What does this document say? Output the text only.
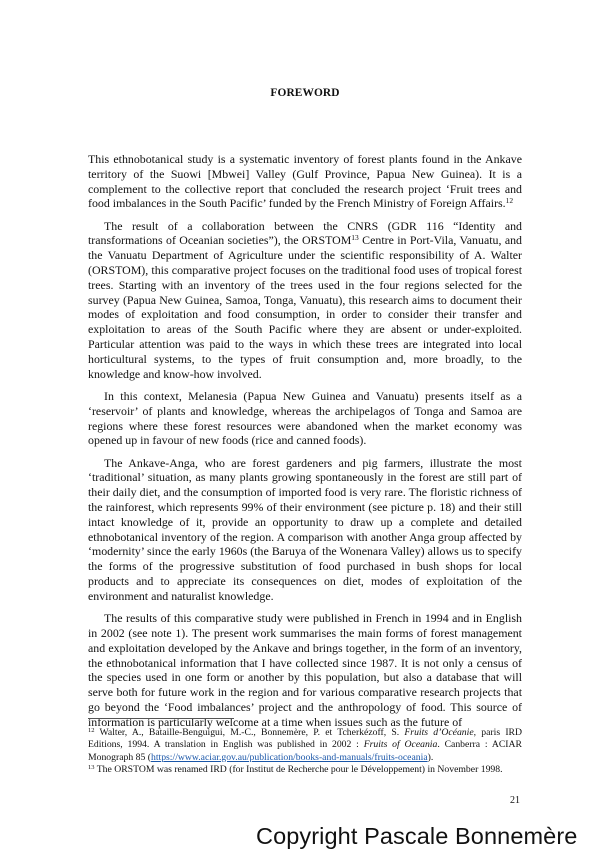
FOREWORD

This ethnobotanical study is a systematic inventory of forest plants found in the Ankave territory of the Suowi [Mbwei] Valley (Gulf Province, Papua New Guinea). It is a complement to the collective report that concluded the research project ‘Fruit trees and food imbalances in the South Pacific’ funded by the French Ministry of Foreign Affairs.$^{12}$

The result of a collaboration between the CNRS (GDR 116 “Identity and transformations of Oceanian societies”), the ORSTOM$^{13}$ Centre in Port-Vila, Vanuatu, and the Vanuatu Department of Agriculture under the scientific responsibility of A. Walter (ORSTOM), this comparative project focuses on the traditional food uses of tropical forest trees. Starting with an inventory of the trees used in the four regions selected for the survey (Papua New Guinea, Samoa, Tonga, Vanuatu), this research aims to document their modes of exploitation and food consumption, in order to consider their transfer and exploitation to areas of the South Pacific where they are absent or under-exploited. Particular attention was paid to the ways in which these trees are integrated into local horticultural systems, to the types of fruit consumption and, more broadly, to the knowledge and know-how involved.

In this context, Melanesia (Papua New Guinea and Vanuatu) presents itself as a ‘reservoir’ of plants and knowledge, whereas the archipelagos of Tonga and Samoa are regions where these forest resources were abandoned when the market economy was opened up in favour of new foods (rice and canned foods).

The Ankave-Anga, who are forest gardeners and pig farmers, illustrate the most ‘traditional’ situation, as many plants growing spontaneously in the forest are still part of their daily diet, and the consumption of imported food is very rare. The floristic richness of the rainforest, which represents 99% of their environment (see picture p. 18) and their still intact knowledge of it, provide an opportunity to draw up a complete and detailed ethnobotanical inventory of the region. A comparison with another Anga group affected by ‘modernity’ since the early 1960s (the Baruya of the Wonenara Valley) allows us to specify the forms of the progressive substitution of food purchased in bush shops for local products and to appreciate its consequences on diet, modes of exploitation of the environment and naturalist knowledge.

The results of this comparative study were published in French in 1994 and in English in 2002 (see note 1). The present work summarises the main forms of forest management and exploitation developed by the Ankave and brings together, in the form of an inventory, the ethnobotanical information that I have collected since 1987. It is not only a census of the species used in one form or another by this population, but also a database that will serve both for future work in the region and for various comparative research projects that go beyond the ‘Food imbalances’ project and the anthropology of food. This source of information is particularly welcome at a time when issues such as the future of

$^{12}$ Walter, A., Bataille-Benguigui, M.-C., Bonnemère, P. et Tcherkézoff, S. Fruits d’Océanie, paris IRD Editions, 1994. A translation in English was published in 2002 : Fruits of Oceania. Canberra : ACIAR Monograph 85 (https://www.aciar.gov.au/publication/books-and-manuals/fruits-oceania).

$^{13}$ The ORSTOM was renamed IRD (for Institut de Recherche pour le Développement) in November 1998.

21
Copyright Pascale Bonnemère
